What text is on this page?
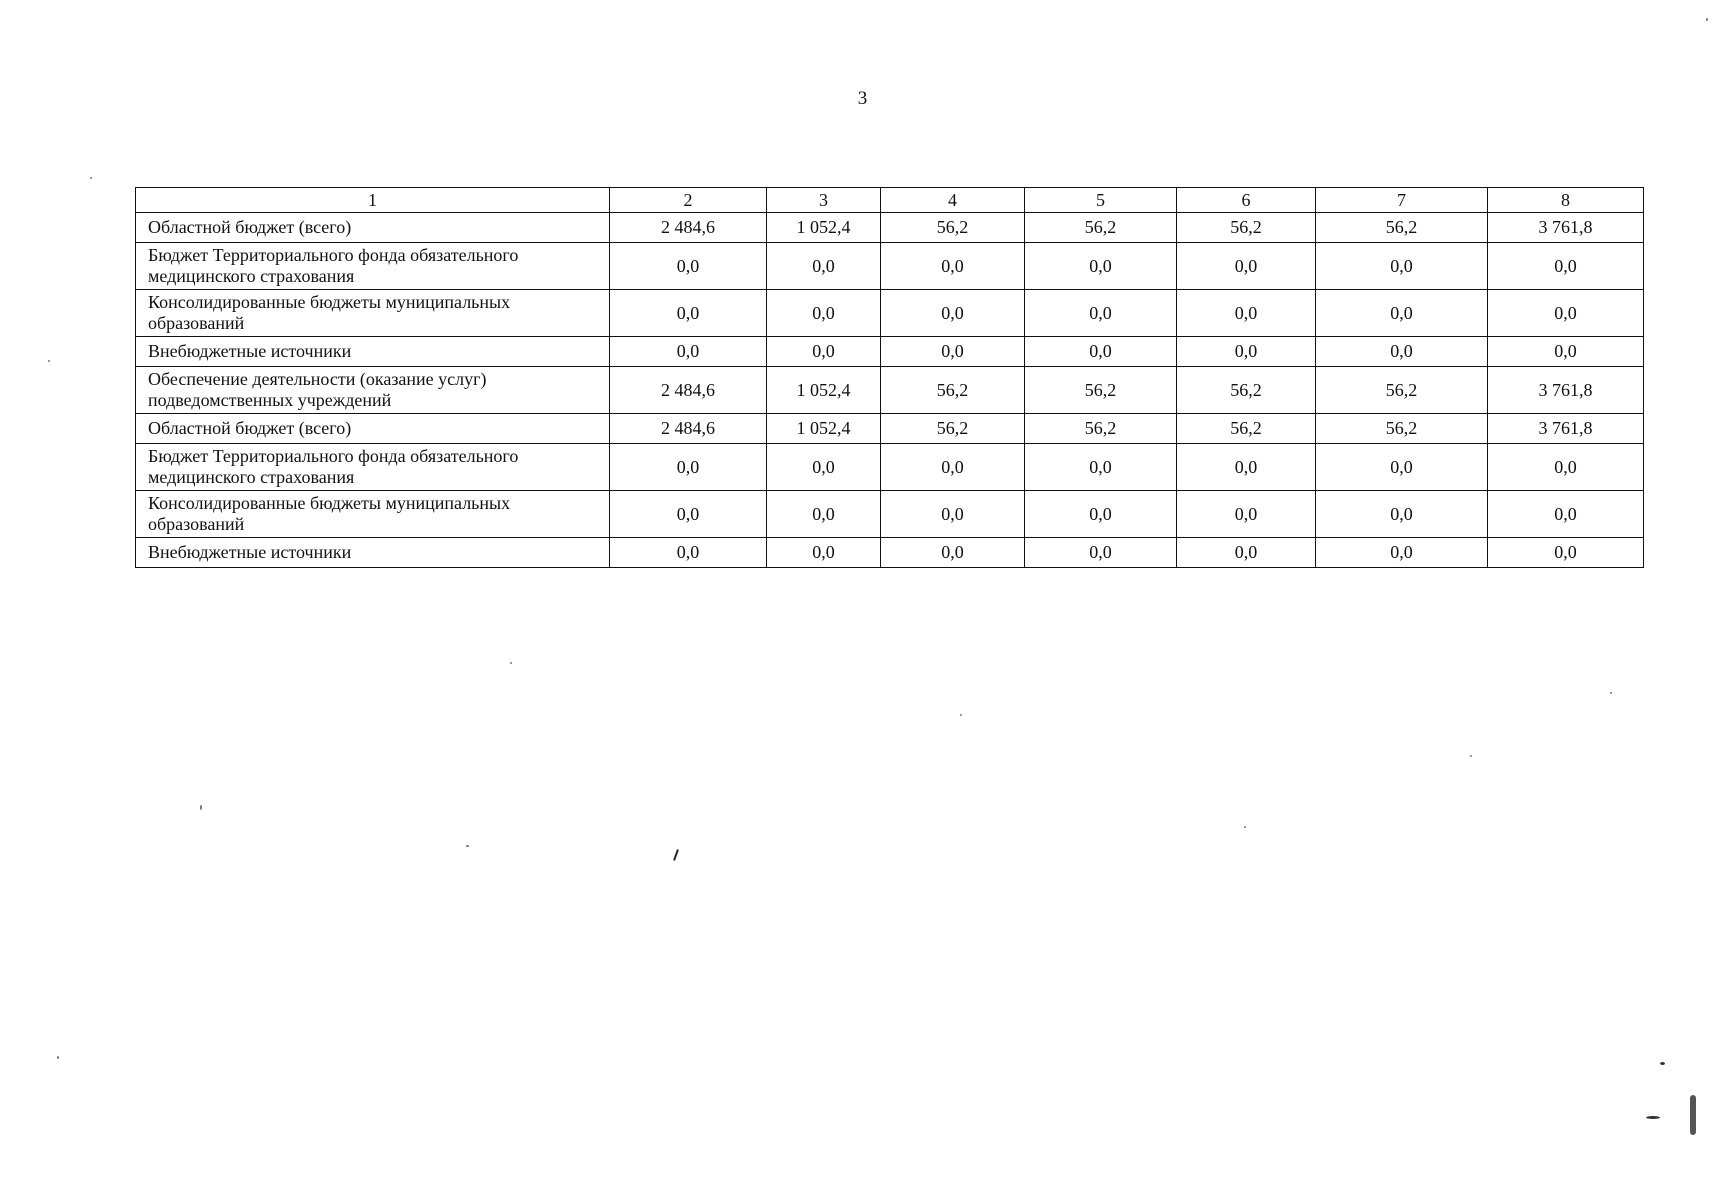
3
1	2	3	4	5	6	7	8
Областной бюджет (всего)	2 484,6	1 052,4	56,2	56,2	56,2	56,2	3 761,8
Бюджет Территориального фонда обязательного медицинского страхования	0,0	0,0	0,0	0,0	0,0	0,0	0,0
Консолидированные бюджеты муниципальных образований	0,0	0,0	0,0	0,0	0,0	0,0	0,0
Внебюджетные источники	0,0	0,0	0,0	0,0	0,0	0,0	0,0
Обеспечение деятельности (оказание услуг) подведомственных учреждений	2 484,6	1 052,4	56,2	56,2	56,2	56,2	3 761,8
Областной бюджет (всего)	2 484,6	1 052,4	56,2	56,2	56,2	56,2	3 761,8
Бюджет Территориального фонда обязательного медицинского страхования	0,0	0,0	0,0	0,0	0,0	0,0	0,0
Консолидированные бюджеты муниципальных образований	0,0	0,0	0,0	0,0	0,0	0,0	0,0
Внебюджетные источники	0,0	0,0	0,0	0,0	0,0	0,0	0,0
